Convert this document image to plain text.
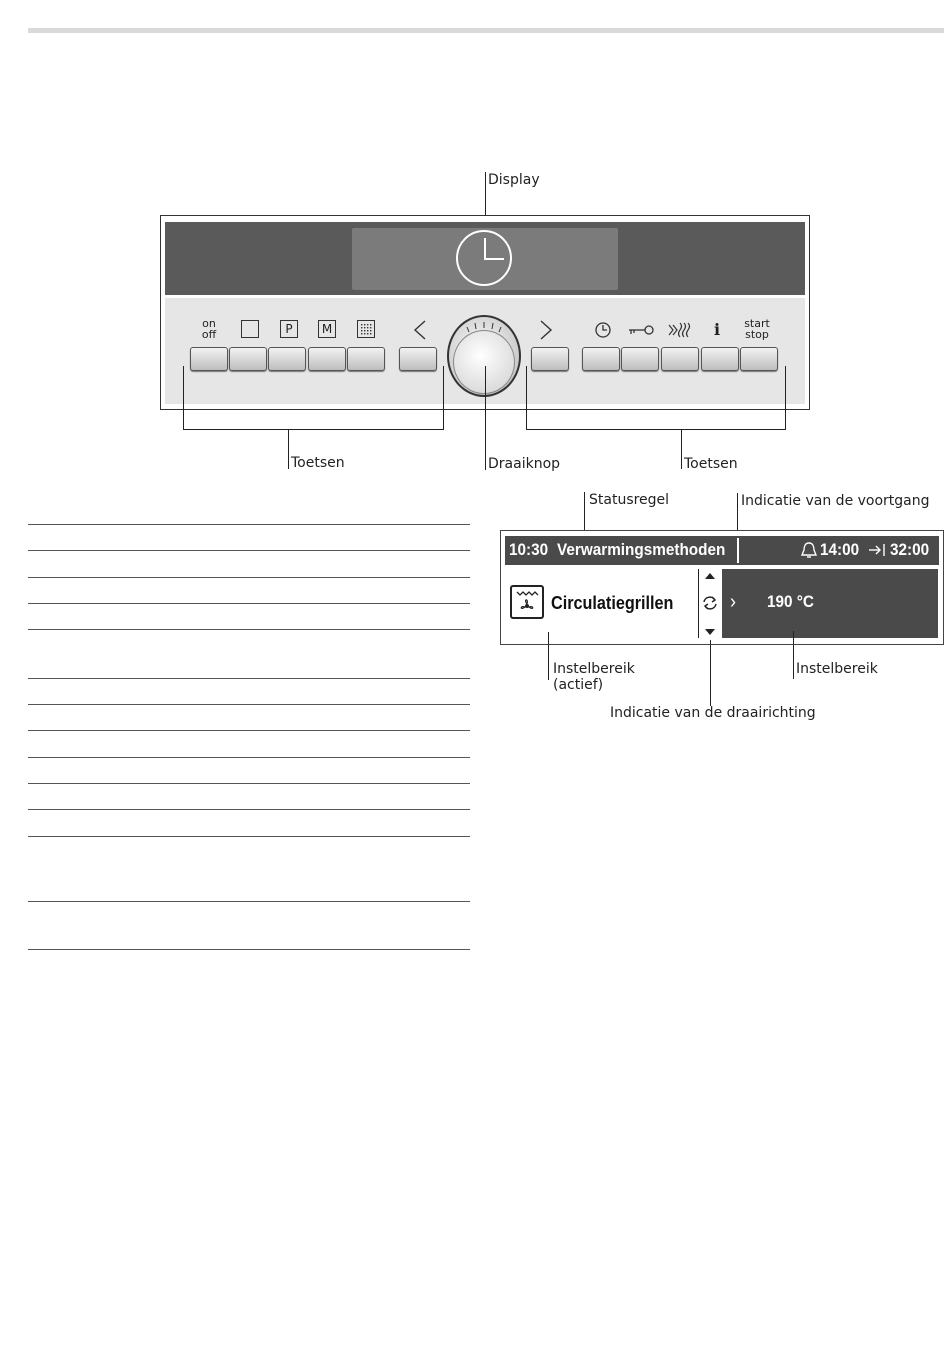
Display
on
off	P	M	i start
stop
Toetsen	Draaiknop	Toetsen
Statusregel	Indicatie van de voortgang
10:30 Verwarmingsmethoden	14:00 32:00
Circulatiegrillen	› 190 °C
Instelbereik
(actief)
Indicatie van de draairichting
Instelbereik
